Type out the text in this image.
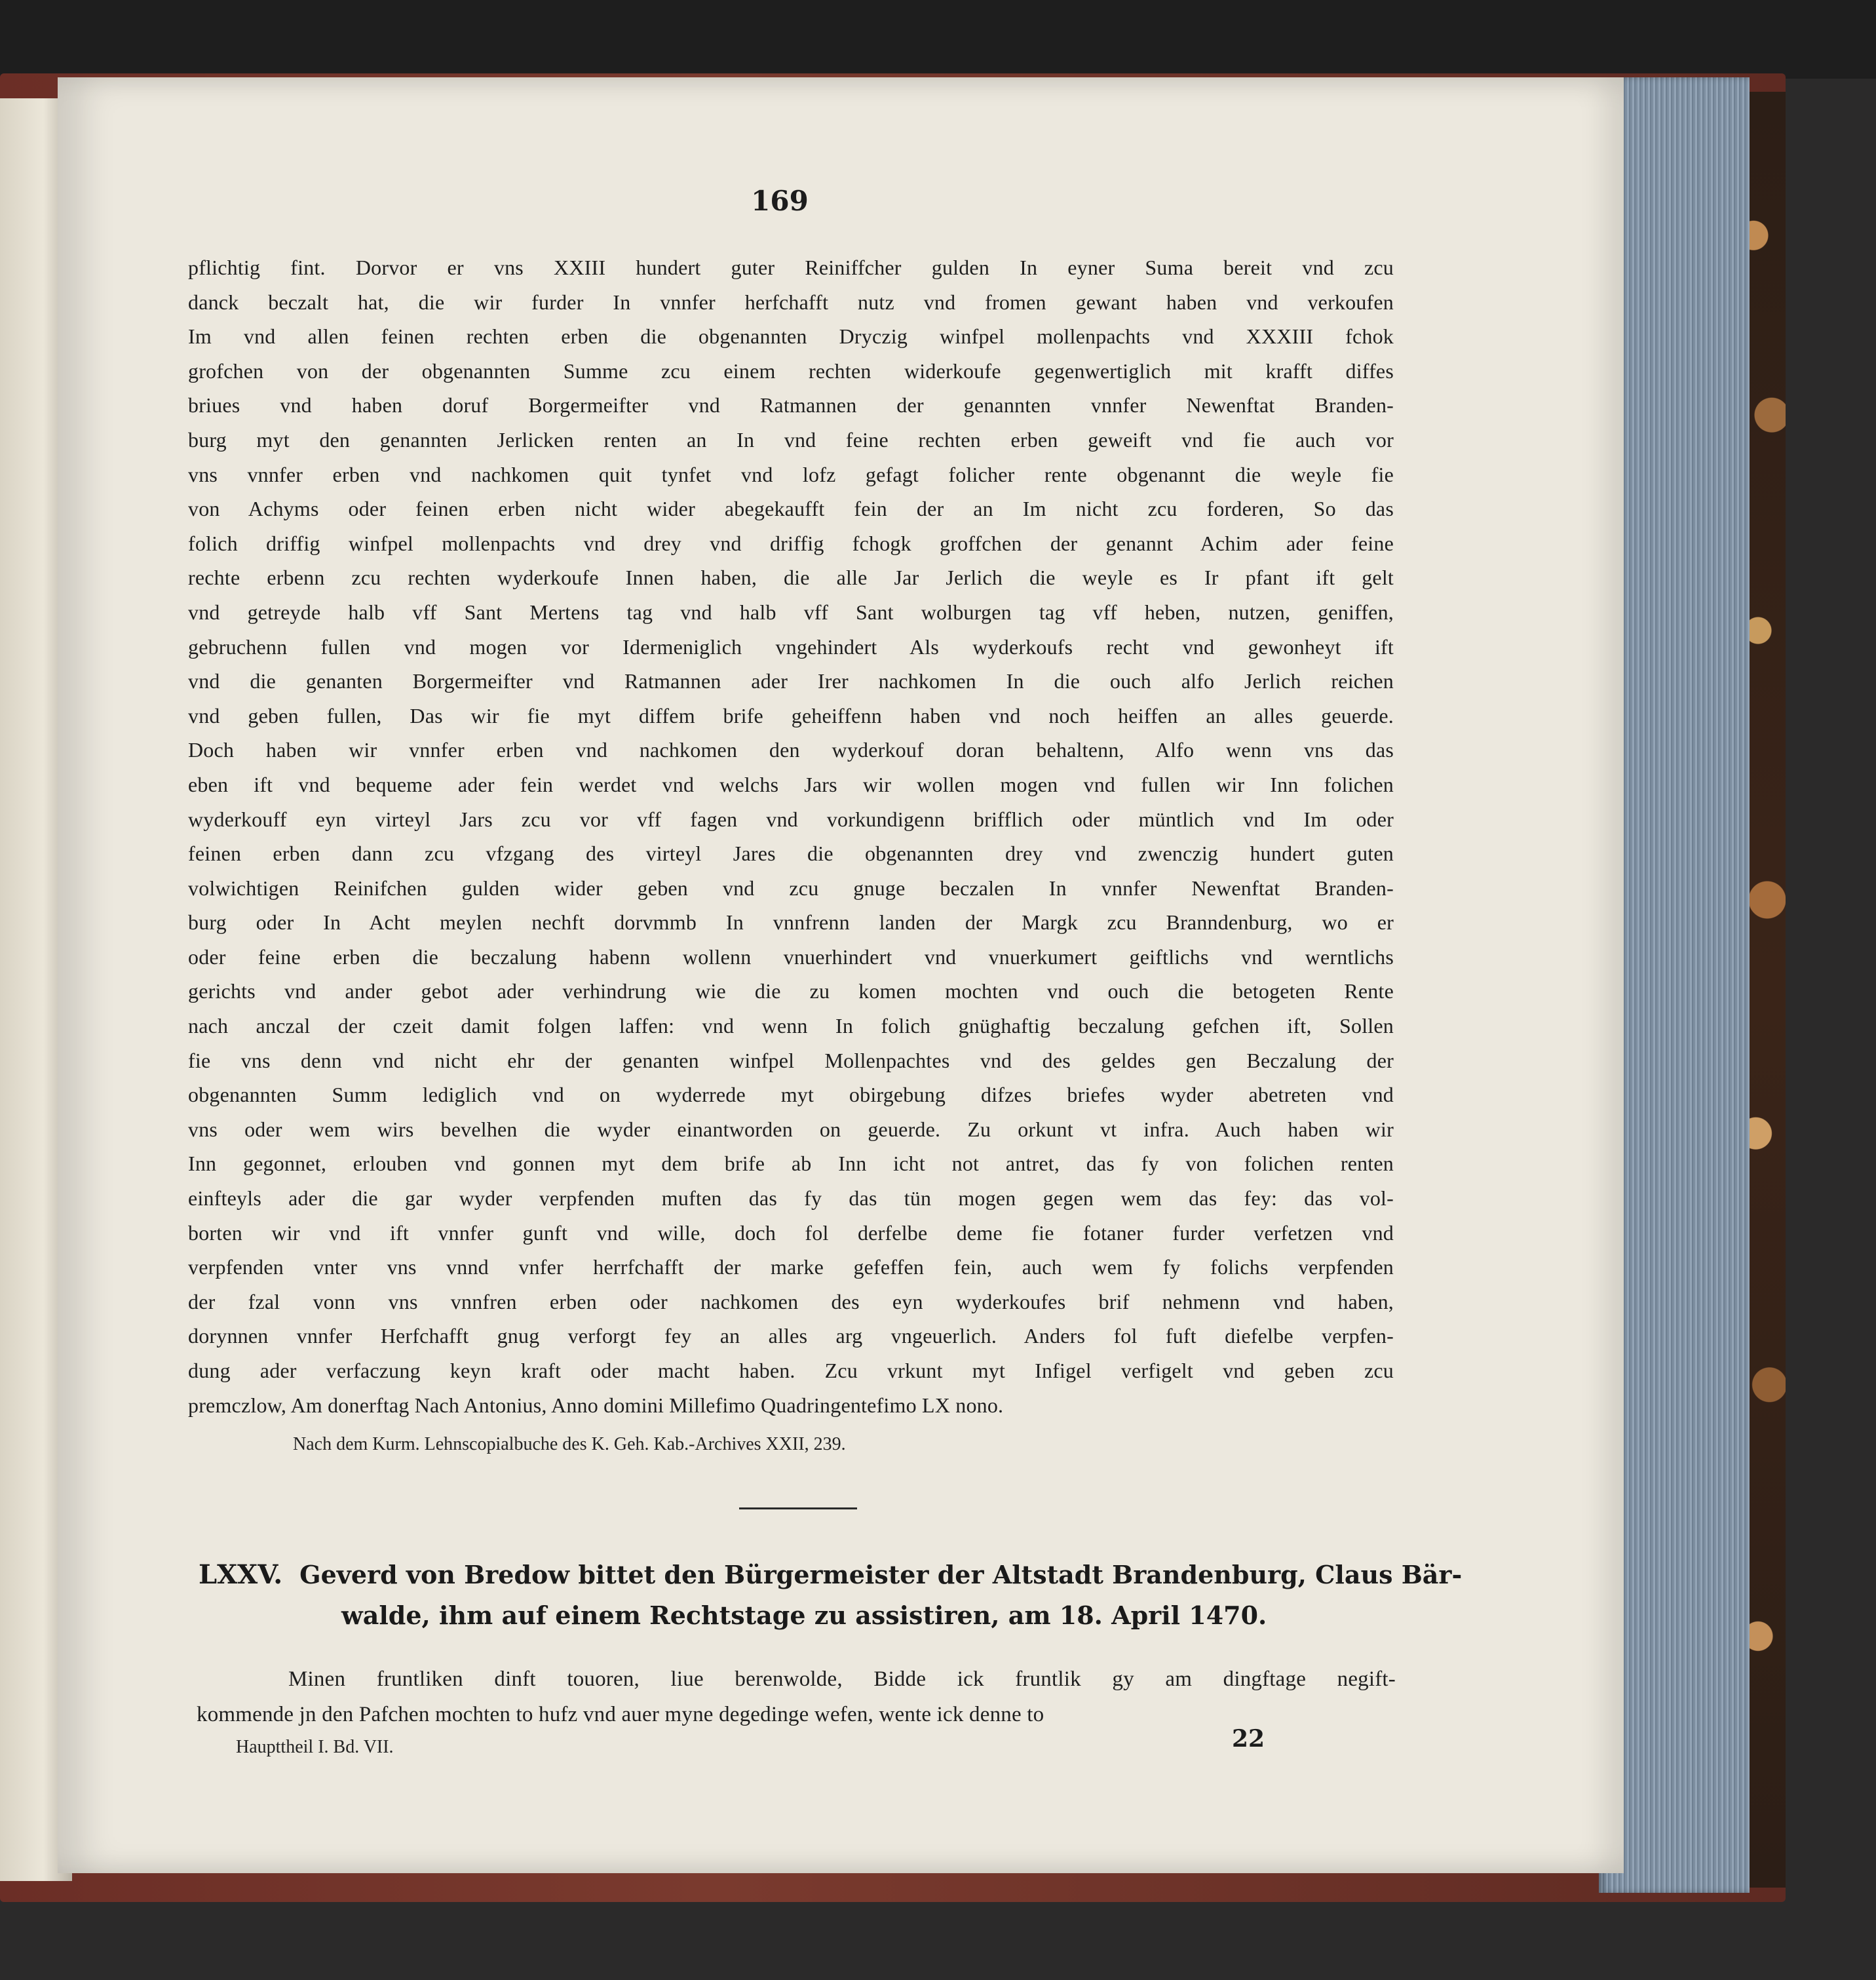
169
pflichtig fint. Dorvor er vns XXIII hundert guter Reiniffcher gulden In eyner Suma bereit vnd zcu
danck beczalt hat, die wir furder In vnnfer herfchafft nutz vnd fromen gewant haben vnd verkoufen
Im vnd allen feinen rechten erben die obgenannten Dryczig winfpel mollenpachts vnd XXXIII fchok
grofchen von der obgenannten Summe zcu einem rechten widerkoufe gegenwertiglich mit krafft diffes
briues vnd haben doruf Borgermeifter vnd Ratmannen der genannten vnnfer Newenftat Branden-
burg myt den genannten Jerlicken renten an In vnd feine rechten erben geweift vnd fie auch vor
vns vnnfer erben vnd nachkomen quit tynfet vnd lofz gefagt folicher rente obgenannt die weyle fie
von Achyms oder feinen erben nicht wider abegekaufft fein der an Im nicht zcu forderen, So das
folich driffig winfpel mollenpachts vnd drey vnd driffig fchogk groffchen der genannt Achim ader feine
rechte erbenn zcu rechten wyderkoufe Innen haben, die alle Jar Jerlich die weyle es Ir pfant ift gelt
vnd getreyde halb vff Sant Mertens tag vnd halb vff Sant wolburgen tag vff heben, nutzen, geniffen,
gebruchenn fullen vnd mogen vor Idermeniglich vngehindert Als wyderkoufs recht vnd gewonheyt ift
vnd die genanten Borgermeifter vnd Ratmannen ader Irer nachkomen In die ouch alfo Jerlich reichen
vnd geben fullen, Das wir fie myt diffem brife geheiffenn haben vnd noch heiffen an alles geuerde.
Doch haben wir vnnfer erben vnd nachkomen den wyderkouf doran behaltenn, Alfo wenn vns das
eben ift vnd bequeme ader fein werdet vnd welchs Jars wir wollen mogen vnd fullen wir Inn folichen
wyderkouff eyn virteyl Jars zcu vor vff fagen vnd vorkundigenn brifflich oder müntlich vnd Im oder
feinen erben dann zcu vfzgang des virteyl Jares die obgenannten drey vnd zwenczig hundert guten
volwichtigen Reinifchen gulden wider geben vnd zcu gnuge beczalen In vnnfer Newenftat Branden-
burg oder In Acht meylen nechft dorvmmb In vnnfrenn landen der Margk zcu Branndenburg, wo er
oder feine erben die beczalung habenn wollenn vnuerhindert vnd vnuerkumert geiftlichs vnd werntlichs
gerichts vnd ander gebot ader verhindrung wie die zu komen mochten vnd ouch die betogeten Rente
nach anczal der czeit damit folgen laffen: vnd wenn In folich gnüghaftig beczalung gefchen ift, Sollen
fie vns denn vnd nicht ehr der genanten winfpel Mollenpachtes vnd des geldes gen Beczalung der
obgenannten Summ lediglich vnd on wyderrede myt obirgebung difzes briefes wyder abetreten vnd
vns oder wem wirs bevelhen die wyder einantworden on geuerde. Zu orkunt vt infra. Auch haben wir
Inn gegonnet, erlouben vnd gonnen myt dem brife ab Inn icht not antret, das fy von folichen renten
einfteyls ader die gar wyder verpfenden muften das fy das tün mogen gegen wem das fey: das vol-
borten wir vnd ift vnnfer gunft vnd wille, doch fol derfelbe deme fie fotaner furder verfetzen vnd
verpfenden vnter vns vnnd vnfer herrfchafft der marke gefeffen fein, auch wem fy folichs verpfenden
der fzal vonn vns vnnfren erben oder nachkomen des eyn wyderkoufes brif nehmenn vnd haben,
dorynnen vnnfer Herfchafft gnug verforgt fey an alles arg vngeuerlich. Anders fol fuft diefelbe verpfen-
dung ader verfaczung keyn kraft oder macht haben. Zcu vrkunt myt Infigel verfigelt vnd geben zcu
premczlow, Am donerftag Nach Antonius, Anno domini Millefimo Quadringentefimo LX nono.
Nach dem Kurm. Lehnscopialbuche des K. Geh. Kab.-Archives XXII, 239.
LXXV. Geverd von Bredow bittet den Bürgermeister der Altstadt Brandenburg, Claus Bär-
walde, ihm auf einem Rechtstage zu assistiren, am 18. April 1470.
Minen fruntliken dinft touoren, liue berenwolde, Bidde ick fruntlik gy am dingftage negift-
kommende jn den Pafchen mochten to hufz vnd auer myne degedinge wefen, wente ick denne to
Haupttheil I. Bd. VII.	22
